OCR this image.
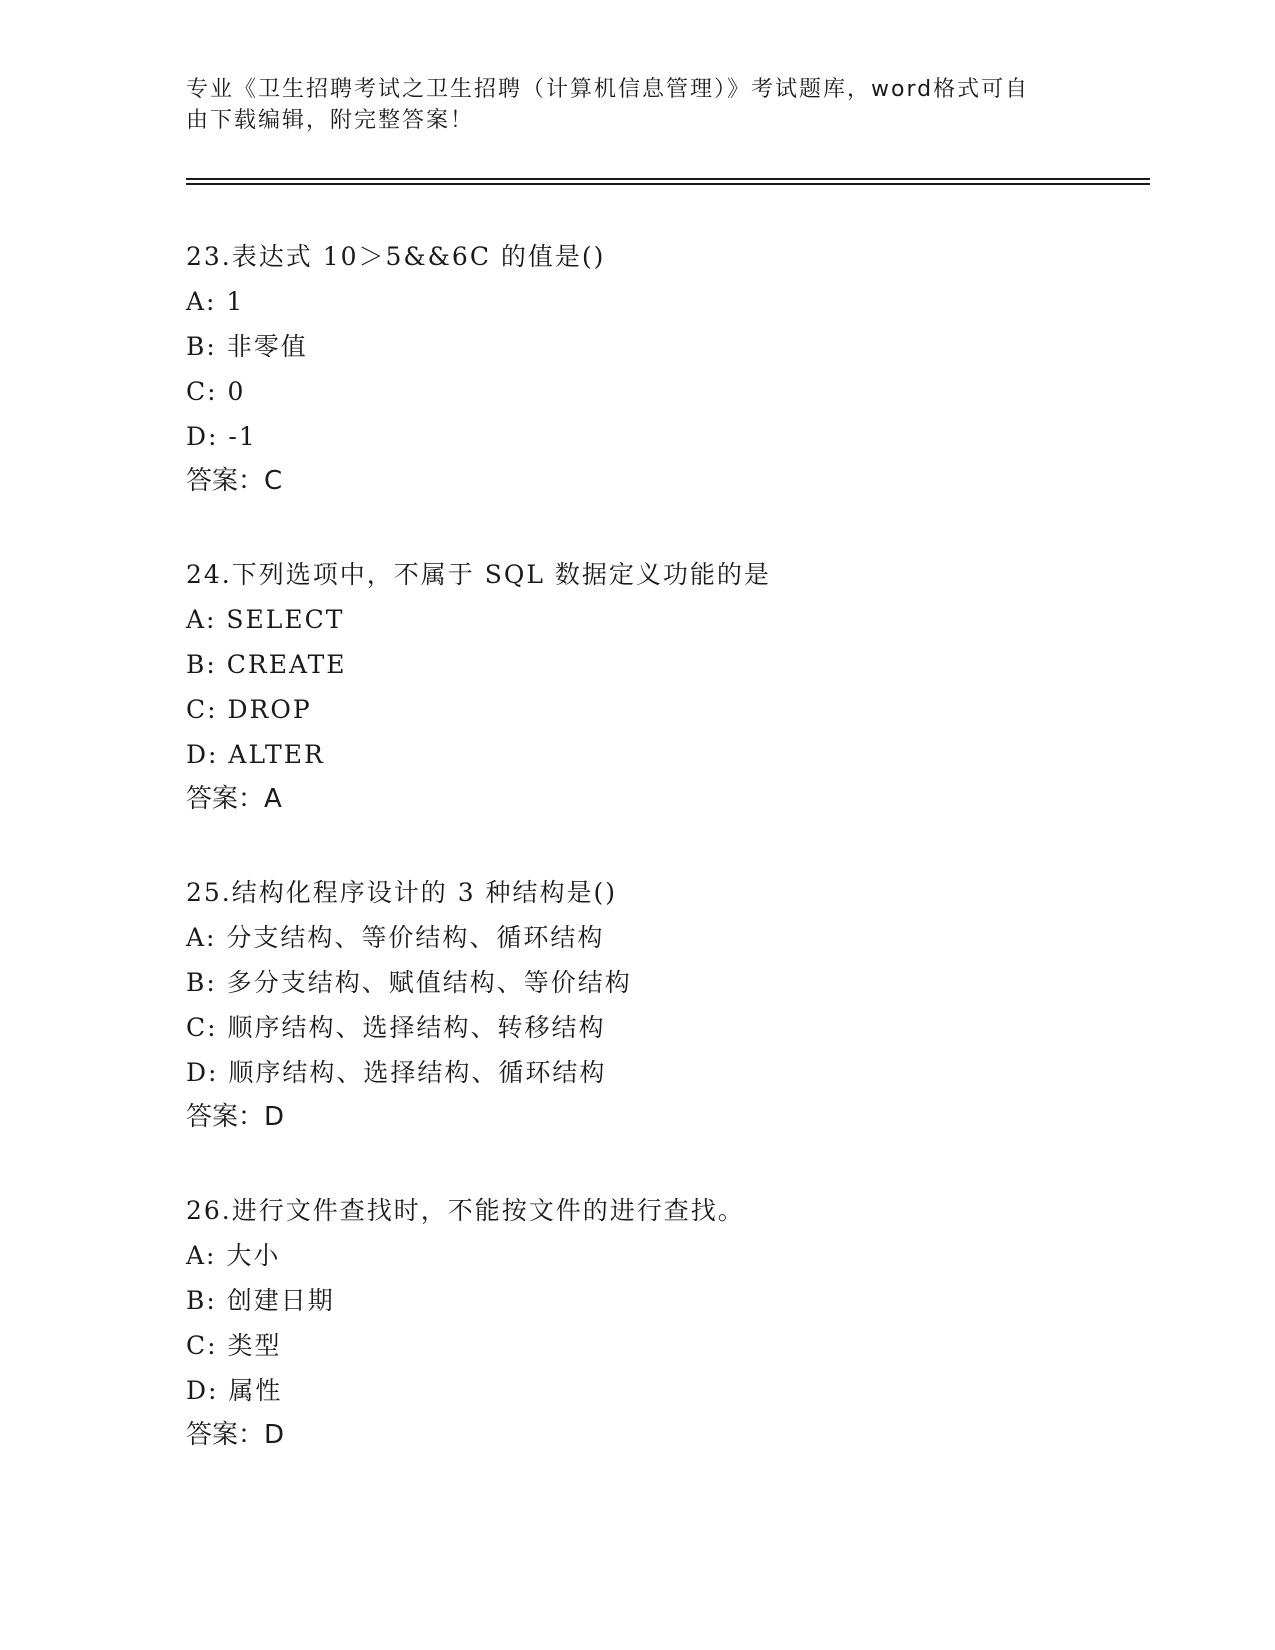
专业《卫生招聘考试之卫生招聘（计算机信息管理）》考试题库，word格式可自
由下载编辑，附完整答案！
23.表达式 10＞5&&6C 的值是()
A: 1
B: 非零值
C: 0
D: -1
答案：C
24.下列选项中，不属于 SQL 数据定义功能的是
A: SELECT
B: CREATE
C: DROP
D: ALTER
答案：A
25.结构化程序设计的 3 种结构是()
A: 分支结构、等价结构、循环结构
B: 多分支结构、赋值结构、等价结构
C: 顺序结构、选择结构、转移结构
D: 顺序结构、选择结构、循环结构
答案：D
26.进行文件查找时，不能按文件的进行查找。
A: 大小
B: 创建日期
C: 类型
D: 属性
答案：D
